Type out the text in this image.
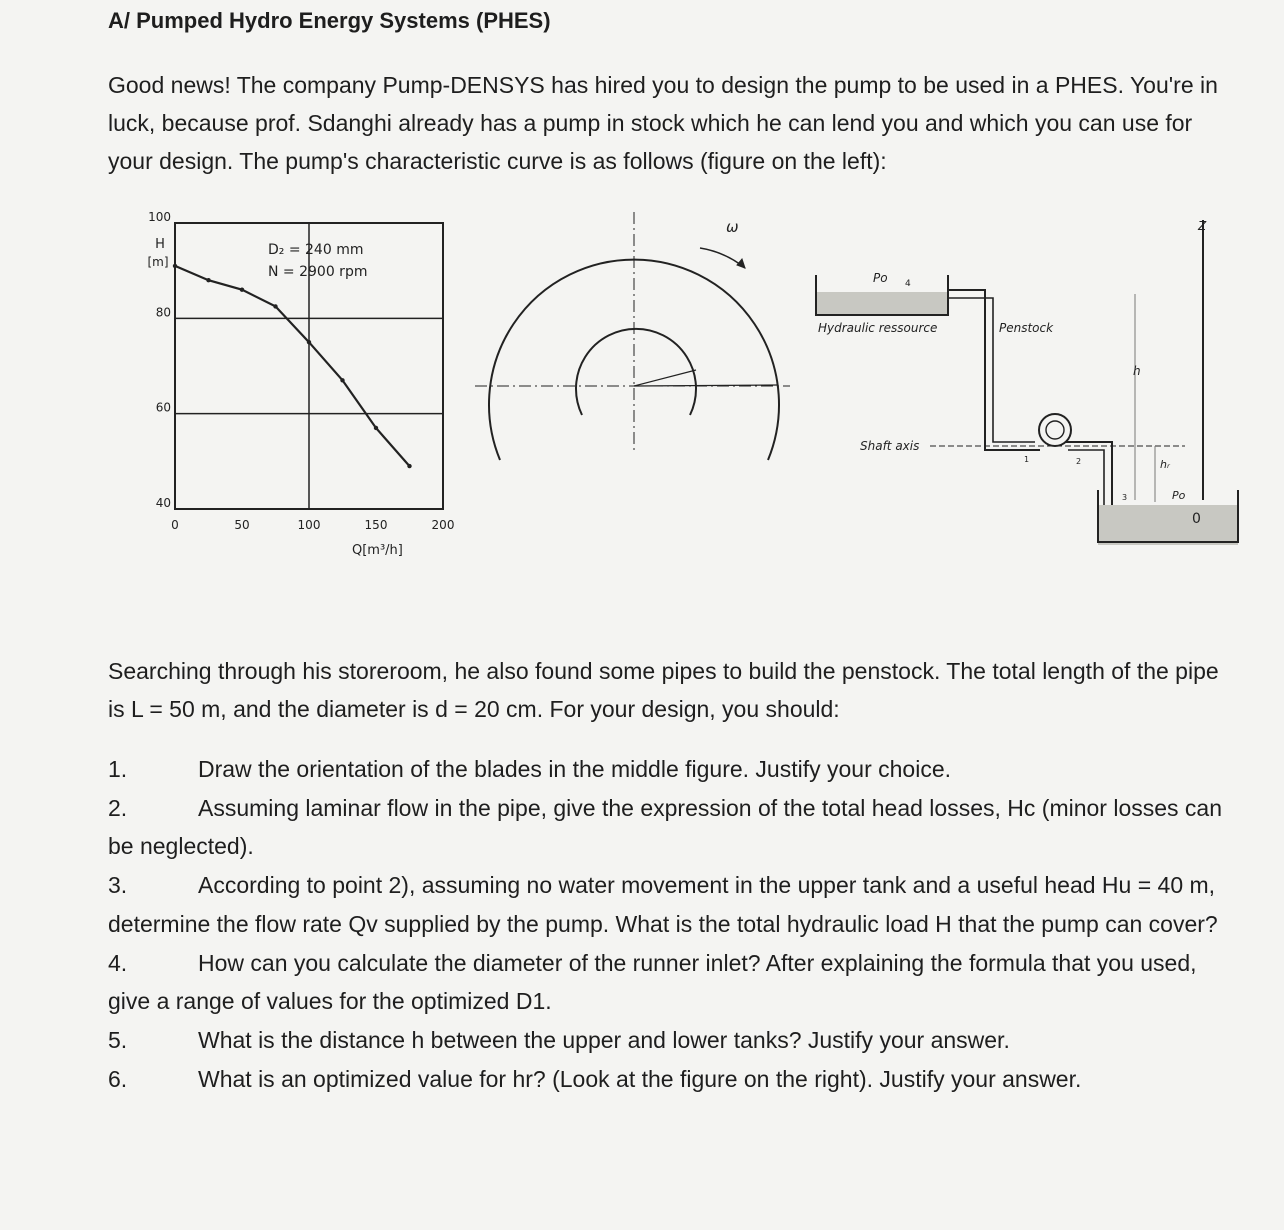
A/ Pumped Hydro Energy Systems (PHES)

Good news! The company Pump-DENSYS has hired you to design the pump to be used in a PHES. You're in luck, because prof. Sdanghi already has a pump in stock which he can lend you and which you can use for your design. The pump's characteristic curve is as follows (figure on the left):

100
80
60
40
0	50	100	150	200
H
[m]
D₂ = 240 mm
N = 2900 rpm
Q[m³/h]
ω
Po 4
Hydraulic ressource	Penstock
h
Shaft axis
hᵣ
Po
Z
1	2
3
0

Searching through his storeroom, he also found some pipes to build the penstock. The total length of the pipe is L = 50 m, and the diameter is d = 20 cm. For your design, you should:

1.	Draw the orientation of the blades in the middle figure. Justify your choice.
2.	Assuming laminar flow in the pipe, give the expression of the total head losses, Hc (minor losses can be neglected).
3.	According to point 2), assuming no water movement in the upper tank and a useful head Hu = 40 m, determine the flow rate Qv supplied by the pump. What is the total hydraulic load H that the pump can cover?
4.	How can you calculate the diameter of the runner inlet? After explaining the formula that you used, give a range of values for the optimized D1.
5.	What is the distance h between the upper and lower tanks? Justify your answer.
6.	What is an optimized value for hr? (Look at the figure on the right). Justify your answer.
